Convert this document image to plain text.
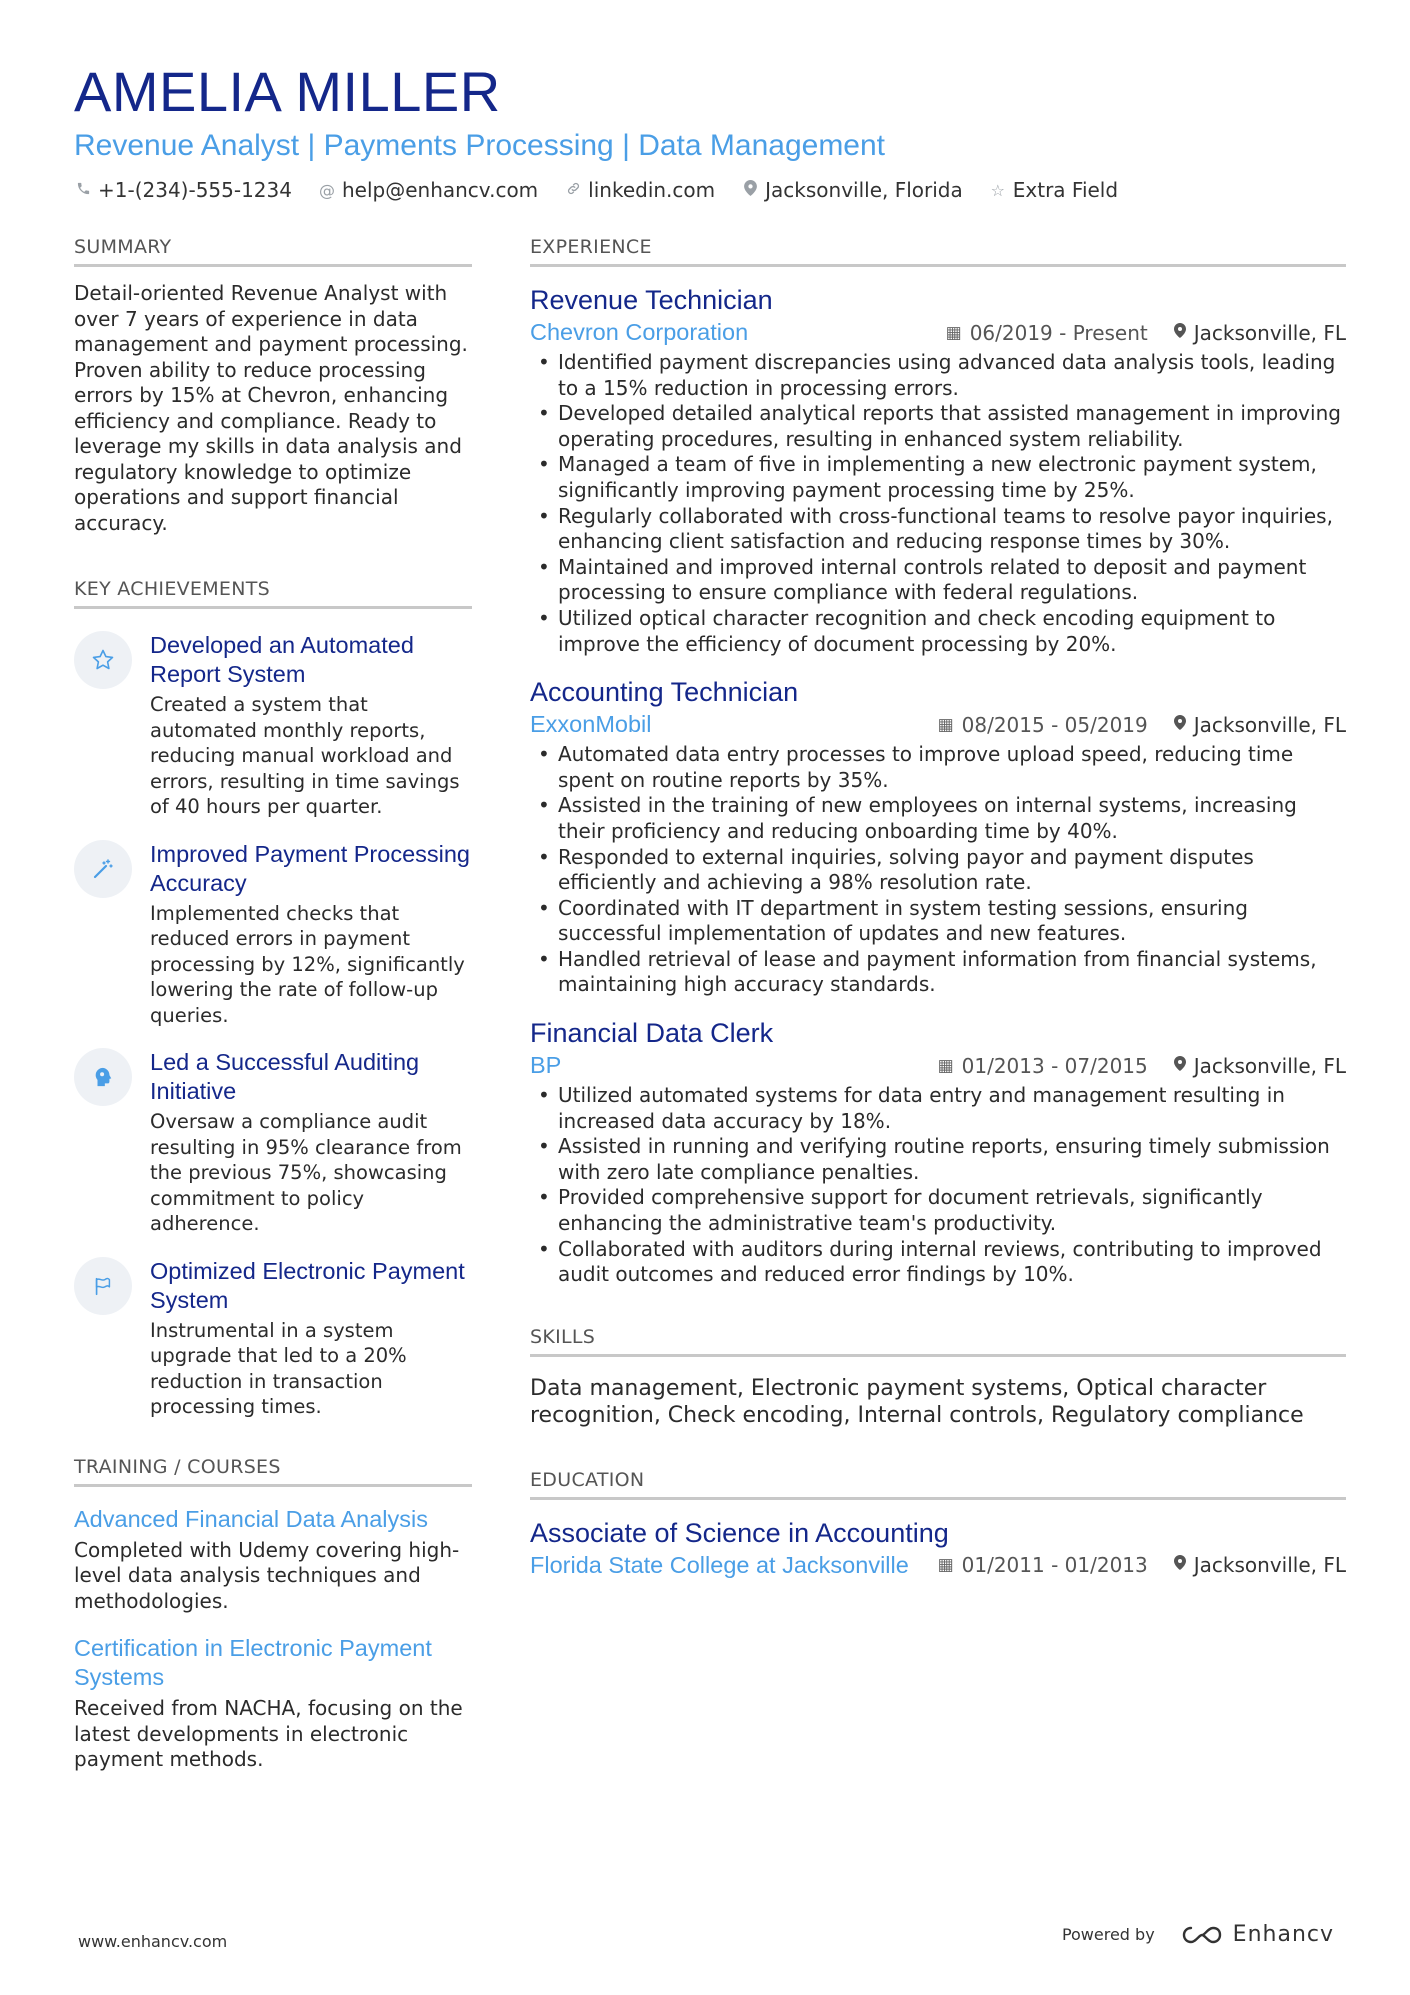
AMELIA MILLER
Revenue Analyst | Payments Processing | Data Management
+1-(234)-555-1234 @ help@enhancv.com	linkedin.com	Jacksonville, Florida ☆ Extra Field
SUMMARY
Detail-oriented Revenue Analyst with over 7 years of experience in data management and payment processing. Proven ability to reduce processing errors by 15% at Chevron, enhancing efficiency and compliance. Ready to leverage my skills in data analysis and regulatory knowledge to optimize operations and support financial accuracy.
KEY ACHIEVEMENTS
Developed an Automated Report System
Created a system that automated monthly reports, reducing manual workload and errors, resulting in time savings of 40 hours per quarter.
Improved Payment Processing Accuracy
Implemented checks that reduced errors in payment processing by 12%, significantly lowering the rate of follow-up queries.
Led a Successful Auditing Initiative
Oversaw a compliance audit resulting in 95% clearance from the previous 75%, showcasing commitment to policy adherence.
Optimized Electronic Payment System
Instrumental in a system upgrade that led to a 20% reduction in transaction processing times.
TRAINING / COURSES
Advanced Financial Data Analysis
Completed with Udemy covering high-level data analysis techniques and methodologies.
Certification in Electronic Payment Systems
Received from NACHA, focusing on the latest developments in electronic payment methods.
EXPERIENCE
Revenue Technician
Chevron Corporation	▦ 06/2019 - Present Jacksonville, FL
• Identified payment discrepancies using advanced data analysis tools, leading to a 15% reduction in processing errors.
• Developed detailed analytical reports that assisted management in improving operating procedures, resulting in enhanced system reliability.
• Managed a team of five in implementing a new electronic payment system, significantly improving payment processing time by 25%.
• Regularly collaborated with cross-functional teams to resolve payor inquiries, enhancing client satisfaction and reducing response times by 30%.
• Maintained and improved internal controls related to deposit and payment processing to ensure compliance with federal regulations.
• Utilized optical character recognition and check encoding equipment to improve the efficiency of document processing by 20%.
Accounting Technician
ExxonMobil	▦ 08/2015 - 05/2019 Jacksonville, FL
• Automated data entry processes to improve upload speed, reducing time spent on routine reports by 35%.
• Assisted in the training of new employees on internal systems, increasing their proficiency and reducing onboarding time by 40%.
• Responded to external inquiries, solving payor and payment disputes efficiently and achieving a 98% resolution rate.
• Coordinated with IT department in system testing sessions, ensuring successful implementation of updates and new features.
• Handled retrieval of lease and payment information from financial systems, maintaining high accuracy standards.
Financial Data Clerk
BP	▦ 01/2013 - 07/2015 Jacksonville, FL
• Utilized automated systems for data entry and management resulting in increased data accuracy by 18%.
• Assisted in running and verifying routine reports, ensuring timely submission with zero late compliance penalties.
• Provided comprehensive support for document retrievals, significantly enhancing the administrative team's productivity.
• Collaborated with auditors during internal reviews, contributing to improved audit outcomes and reduced error findings by 10%.
SKILLS
Data management, Electronic payment systems, Optical character recognition, Check encoding, Internal controls, Regulatory compliance
EDUCATION
Associate of Science in Accounting
Florida State College at Jacksonville ▦ 01/2011 - 01/2013 Jacksonville, FL
www.enhancv.com	Powered by	Enhancv
